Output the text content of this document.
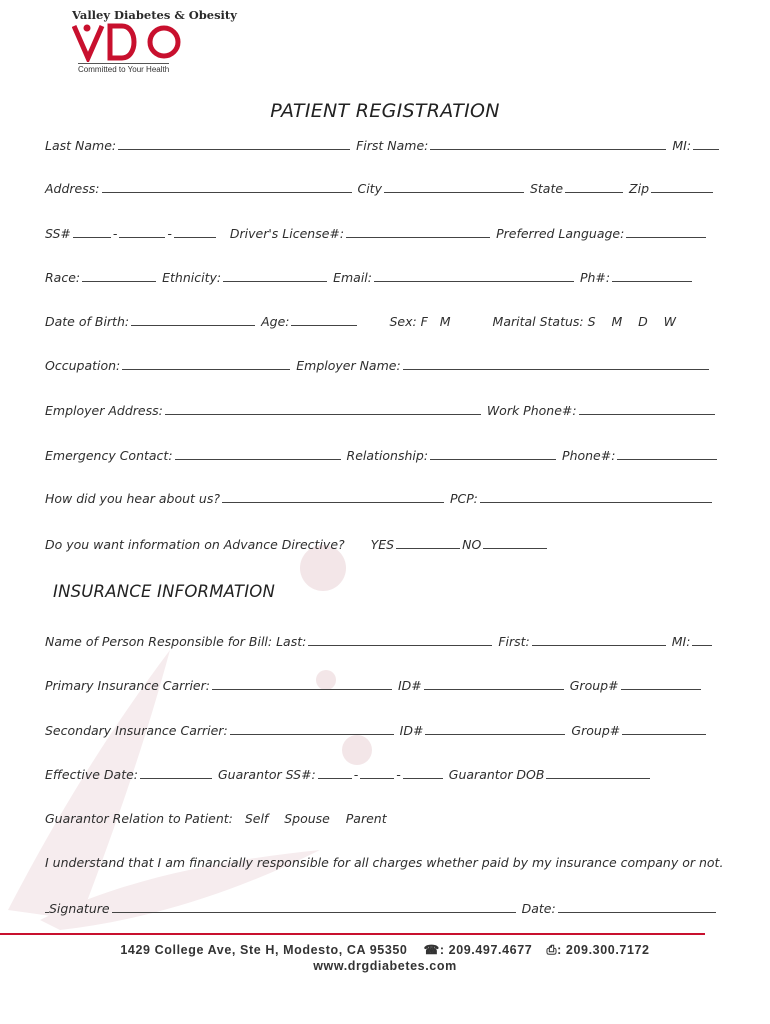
Valley Diabetes & Obesity
Committed to Your Health
PATIENT REGISTRATION
Last Name:	First Name:	MI:
Address:	City	State	Zip
SS#	-	-	Driver's License#:	Preferred Language:
Race:	Ethnicity:	Email:	Ph#:
Date of Birth:	Age:	Sex: F   M	Marital Status: S    M    D    W
Occupation:	Employer Name:
Employer Address:	Work Phone#:
Emergency Contact:	Relationship:	Phone#:
How did you hear about us?	PCP:
Do you want information on Advance Directive? YES	NO
INSURANCE INFORMATION
Name of Person Responsible for Bill: Last:	First:	MI:
Primary Insurance Carrier:	ID#	Group#
Secondary Insurance Carrier:	ID#	Group#
Effective Date:	Guarantor SS#:	-	-	Guarantor DOB
Guarantor Relation to Patient:   Self    Spouse    Parent
I understand that I am financially responsible for all charges whether paid by my insurance company or not.
Signature	Date:
1429 College Ave, Ste H, Modesto, CA 95350 ☎: 209.497.4677 ⎙: 209.300.7172
www.drgdiabetes.com
